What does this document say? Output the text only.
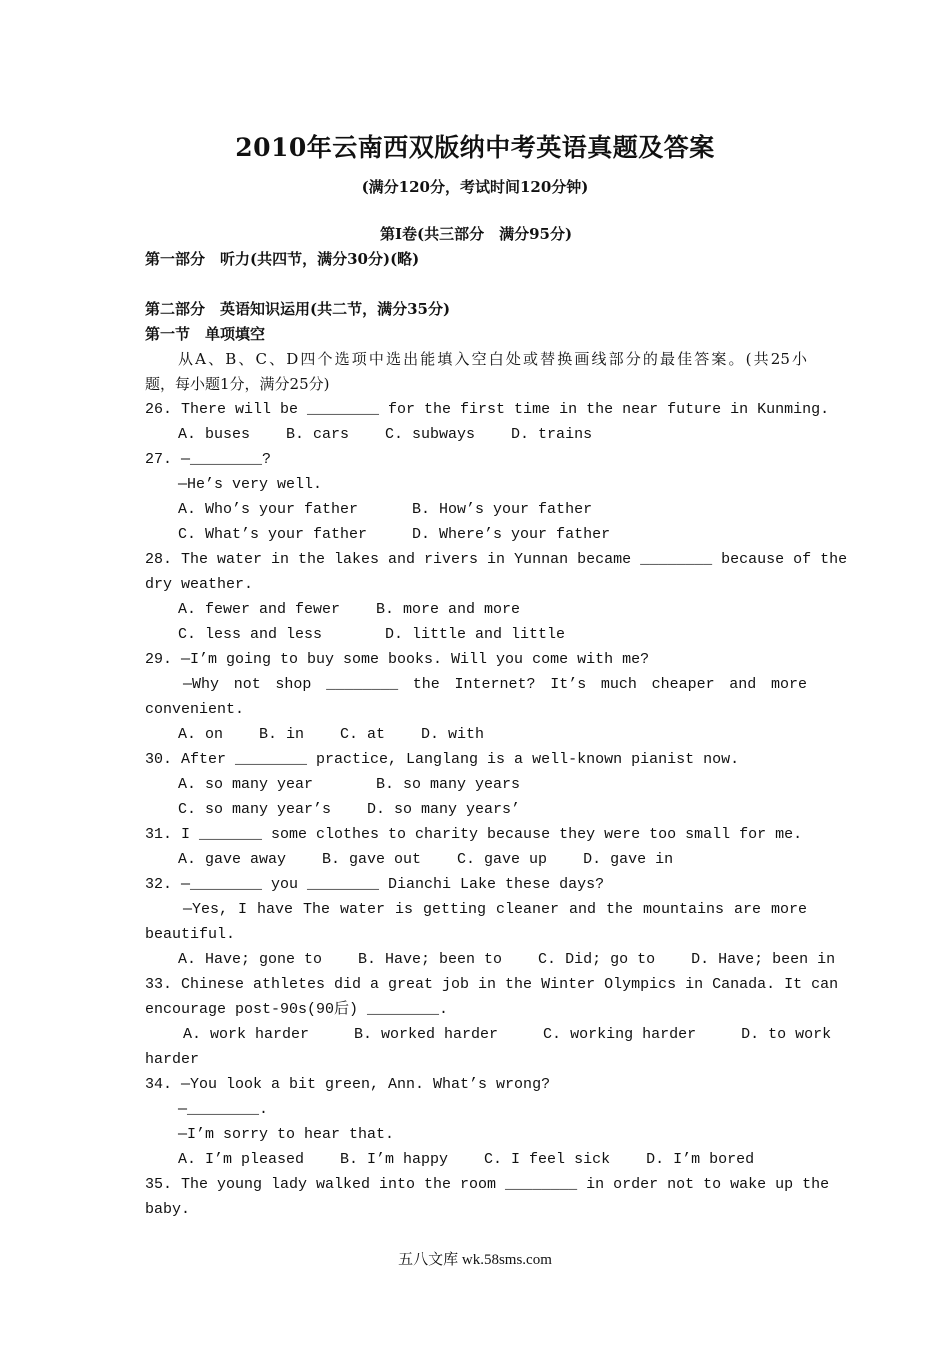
2010年云南西双版纳中考英语真题及答案
(满分120分，考试时间120分钟)
第Ⅰ卷(共三部分　满分95分)
第一部分　听力(共四节，满分30分)(略)
第二部分　英语知识运用(共二节，满分35分)
第一节　单项填空
从A、B、C、D四个选项中选出能填入空白处或替换画线部分的最佳答案。(共25小
题，每小题1分，满分25分)
26. There will be ________ for the first time in the near future in Kunming.
A. buses    B. cars    C. subways    D. trains
27. —________?
—He’s very well.
A. Who’s your father      B. How’s your father
C. What’s your father     D. Where’s your father
28. The water in the lakes and rivers in Yunnan became ________ because of the
dry weather.
A. fewer and fewer    B. more and more
C. less and less       D. little and little
29. —I’m going to buy some books. Will you come with me?
—Why not shop ________ the Internet? It’s much cheaper and more
convenient.
A. on    B. in    C. at    D. with
30. After ________ practice, Langlang is a well-known pianist now.
A. so many year       B. so many years
C. so many year’s    D. so many years’
31. I _______ some clothes to charity because they were too small for me.
A. gave away    B. gave out    C. gave up    D. gave in
32. —________ you ________ Dianchi Lake these days?
—Yes, I have The water is getting cleaner and the mountains are more
beautiful.
A. Have; gone to    B. Have; been to    C. Did; go to    D. Have; been in
33. Chinese athletes did a great job in the Winter Olympics in Canada. It can
encourage post-90s(90后) ________.
A. work harder     B. worked harder     C. working harder     D. to work
harder
34. —You look a bit green, Ann. What’s wrong?
—________.
—I’m sorry to hear that.
A. I’m pleased    B. I’m happy    C. I feel sick    D. I’m bored
35. The young lady walked into the room ________ in order not to wake up the
baby.
五八文库 wk.58sms.com
